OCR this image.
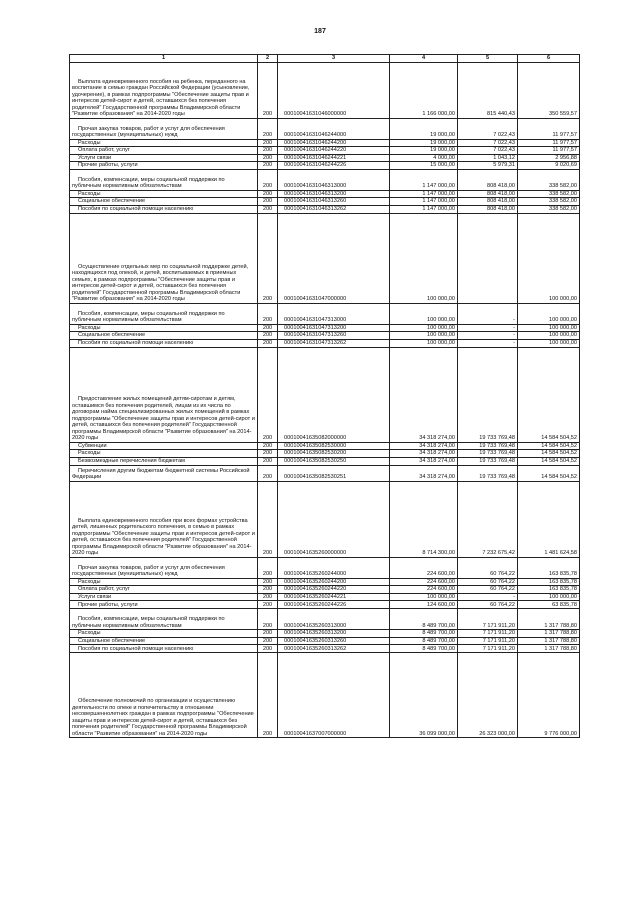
187
1	2	3	4	5	6
Выплата единовременного пособия на ребенка, переданного на воспитание в семью граждан Российской Федерации (усыновление, удочерение), в рамках подпрограммы "Обеспечение защиты прав и интересов детей-сирот и детей, оставшихся без попечения родителей" Государственной программы Владимирской области "Развитие образования" на 2014-2020 годы	200	00010041631046000000	1 166 000,00	815 440,43	350 559,57
Прочая закупка товаров, работ и услуг для обеспечения государственных (муниципальных) нужд	200	00010041631046244000	19 000,00	7 022,43	11 977,57
Расходы	200	00010041631046244200	19 000,00	7 022,43	11 977,57
Оплата работ, услуг	200	00010041631046244220	19 000,00	7 022,43	11 977,57
Услуги связи	200	00010041631046244221	4 000,00	1 043,12	2 956,88
Прочие работы, услуги	200	00010041631046244226	15 000,00	5 979,31	9 020,69
Пособия, компенсации, меры социальной поддержки по публичным нормативным обязательствам	200	00010041631046313000	1 147 000,00	808 418,00	338 582,00
Расходы	200	00010041631046313200	1 147 000,00	808 418,00	338 582,00
Социальное обеспечение	200	00010041631046313260	1 147 000,00	808 418,00	338 582,00
Пособия по социальной помощи населению	200	00010041631046313262	1 147 000,00	808 418,00	338 582,00
Осуществление отдельных мер по социальной поддержке детей, находящихся под опекой, и детей, воспитываемых в приемных семьях, в рамках подпрограммы "Обеспечение защиты прав и интересов детей-сирот и детей, оставшихся без попечения родителей" Государственной программы Владимирской области "Развитие образования" на 2014-2020 годы	200	00010041631047000000	100 000,00		100 000,00
Пособия, компенсации, меры социальной поддержки по публичным нормативным обязательствам	200	00010041631047313000	100 000,00	-	100 000,00
Расходы	200	00010041631047313200	100 000,00	-	100 000,00
Социальное обеспечение	200	00010041631047313260	100 000,00	-	100 000,00
Пособия по социальной помощи населению	200	00010041631047313262	100 000,00	-	100 000,00
Предоставление жилых помещений детям-сиротам и детям, оставшимся без попечения родителей, лицам из их числа по договорам найма специализированных жилых помещений в рамках подпрограммы "Обеспечение защиты прав и интересов детей-сирот и детей, оставшихся без попечения родителей" Государственной программы Владимирской области "Развитие образования" на 2014-2020 годы	200	00010041635082000000	34 318 274,00	19 733 769,48	14 584 504,52
Субвенции	200	00010041635082530000	34 318 274,00	19 733 769,48	14 584 504,52
Расходы	200	00010041635082530200	34 318 274,00	19 733 769,48	14 584 504,52
Безвозмездные перечисления бюджетам	200	00010041635082530250	34 318 274,00	19 733 769,48	14 584 504,52
Перечисления другим бюджетам бюджетной системы Российской Федерации	200	00010041635082530251	34 318 274,00	19 733 769,48	14 584 504,52
Выплата единовременного пособия при всех формах устройства детей, лишенных родительского попечения, в семью в рамках подпрограммы "Обеспечение защиты прав и интересов детей-сирот и детей, оставшихся без попечения родителей" Государственной программы Владимирской области "Развитие образования" на 2014-2020 годы	200	00010041635260000000	8 714 300,00	7 232 675,42	1 481 624,58
Прочая закупка товаров, работ и услуг для обеспечения государственных (муниципальных) нужд	200	00010041635260244000	224 600,00	60 764,22	163 835,78
Расходы	200	00010041635260244200	224 600,00	60 764,22	163 835,78
Оплата работ, услуг	200	00010041635260244220	224 600,00	60 764,22	163 835,78
Услуги связи	200	00010041635260244221	100 000,00	-	100 000,00
Прочие работы, услуги	200	00010041635260244226	124 600,00	60 764,22	63 835,78
Пособия, компенсации, меры социальной поддержки по публичным нормативным обязательствам	200	00010041635260313000	8 489 700,00	7 171 911,20	1 317 788,80
Расходы	200	00010041635260313200	8 489 700,00	7 171 911,20	1 317 788,80
Социальное обеспечение	200	00010041635260313260	8 489 700,00	7 171 911,20	1 317 788,80
Пособия по социальной помощи населению	200	00010041635260313262	8 489 700,00	7 171 911,20	1 317 788,80
Обеспечение полномочий по организации и осуществлению деятельности по опеке и попечительству в отношении несовершеннолетних граждан в рамках подпрограммы "Обеспечение защиты прав и интересов детей-сирот и детей, оставшихся без попечения родителей" Государственной программы Владимирской области "Развитие образования" на 2014-2020 годы	200	00010041637007000000	36 099 000,00	26 323 000,00	9 776 000,00
